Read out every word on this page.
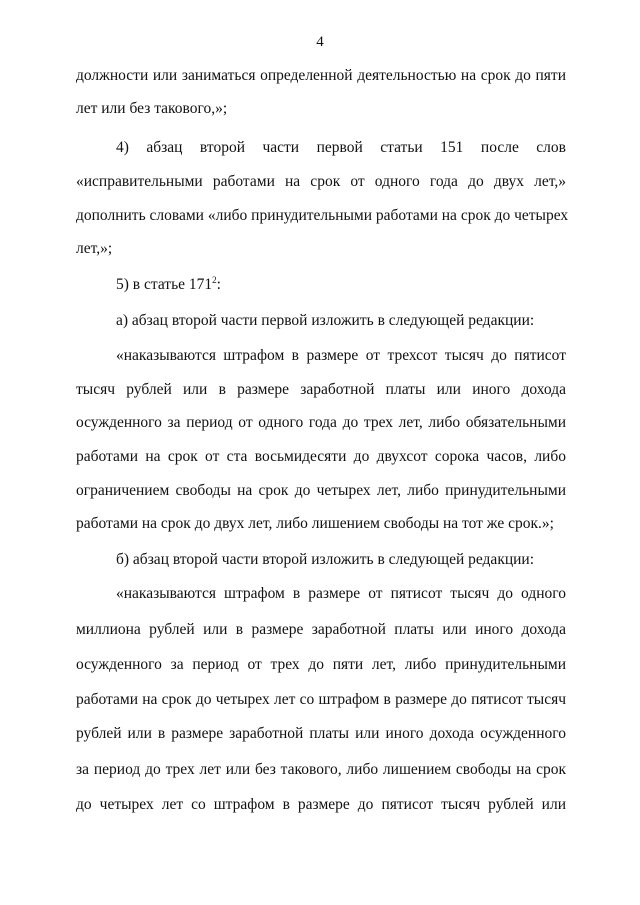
4
должности или заниматься определенной деятельностью на срок до пяти
лет или без такового,»;
4) абзац второй части первой статьи 151 после слов
«исправительными работами на срок от одного года до двух лет,»
дополнить словами «либо принудительными работами на срок до четырех
лет,»;
5) в статье $171^2$:
а) абзац второй части первой изложить в следующей редакции:
«наказываются штрафом в размере от трехсот тысяч до пятисот
тысяч рублей или в размере заработной платы или иного дохода
осужденного за период от одного года до трех лет, либо обязательными
работами на срок от ста восьмидесяти до двухсот сорока часов, либо
ограничением свободы на срок до четырех лет, либо принудительными
работами на срок до двух лет, либо лишением свободы на тот же срок.»;
б) абзац второй части второй изложить в следующей редакции:
«наказываются штрафом в размере от пятисот тысяч до одного
миллиона рублей или в размере заработной платы или иного дохода
осужденного за период от трех до пяти лет, либо принудительными
работами на срок до четырех лет со штрафом в размере до пятисот тысяч
рублей или в размере заработной платы или иного дохода осужденного
за период до трех лет или без такового, либо лишением свободы на срок
до четырех лет со штрафом в размере до пятисот тысяч рублей или
